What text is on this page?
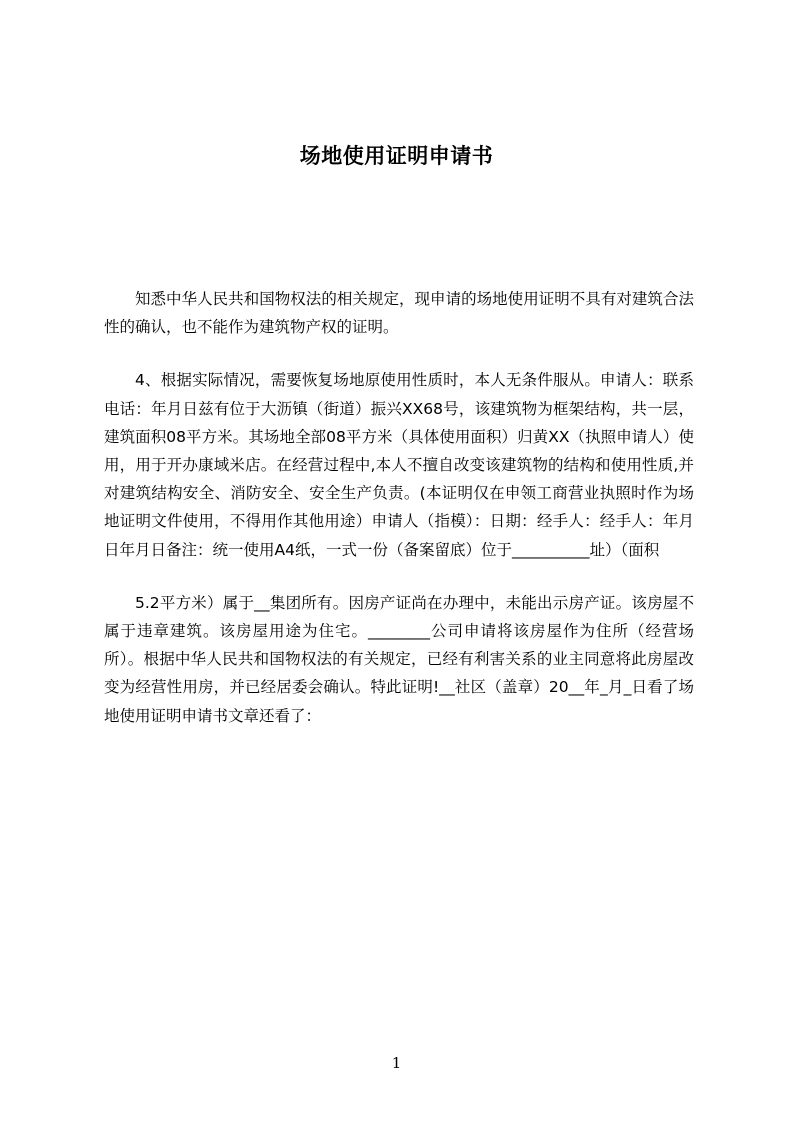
场地使用证明申请书

知悉中华人民共和国物权法的相关规定，现申请的场地使用证明不具有对建筑合法性的确认，也不能作为建筑物产权的证明。

4、根据实际情况，需要恢复场地原使用性质时，本人无条件服从。申请人：联系电话：年月日兹有位于大沥镇（街道）振兴XX68号，该建筑物为框架结构，共一层，建筑面积08平方米。其场地全部08平方米（具体使用面积）归黄XX（执照申请人）使用，用于开办康域米店。在经营过程中,本人不擅自改变该建筑物的结构和使用性质,并对建筑结构安全、消防安全、安全生产负责。(本证明仅在申领工商营业执照时作为场地证明文件使用，不得用作其他用途）申请人（指模）：日期：经手人：经手人：年月日年月日备注：统一使用A4纸，一式一份（备案留底）位于__________址）（面积

5.2平方米）属于__集团所有。因房产证尚在办理中，未能出示房产证。该房屋不属于违章建筑。该房屋用途为住宅。________公司申请将该房屋作为住所（经营场所）。根据中华人民共和国物权法的有关规定，已经有利害关系的业主同意将此房屋改变为经营性用房，并已经居委会确认。特此证明!__社区（盖章）20__年_月_日看了场地使用证明申请书文章还看了：

1
